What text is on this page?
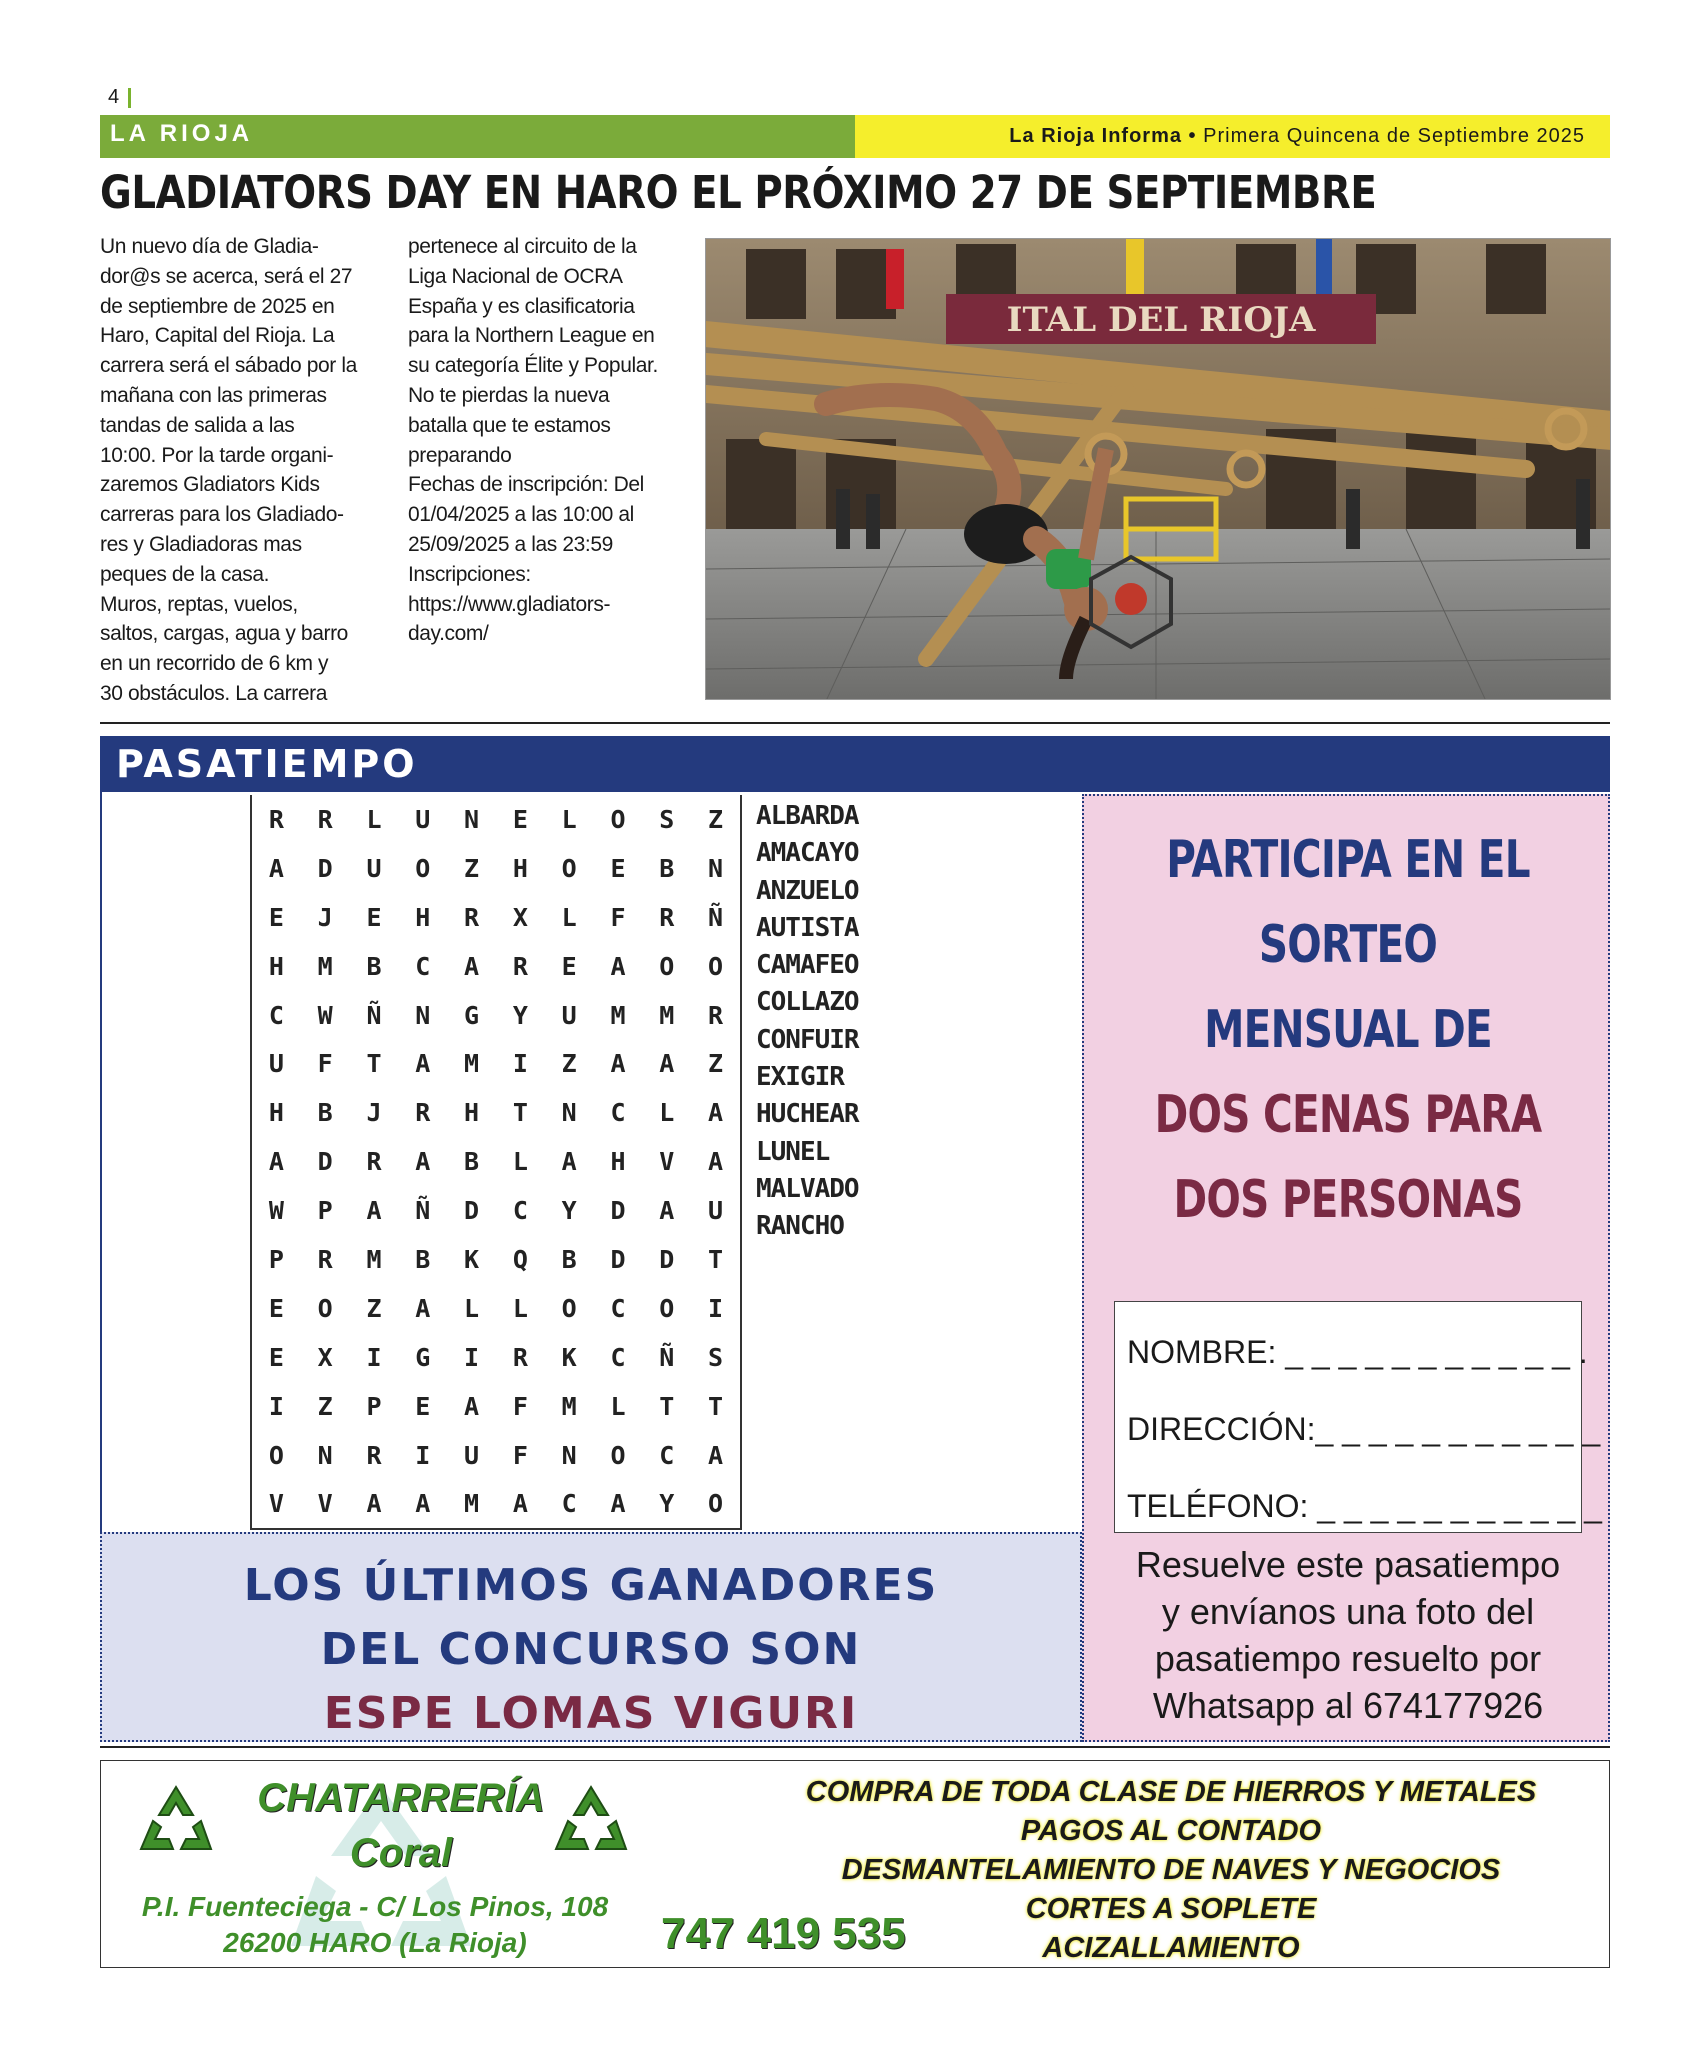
4
LA RIOJA	La Rioja Informa • Primera Quincena de Septiembre 2025
GLADIATORS DAY EN HARO EL PRÓXIMO 27 DE SEPTIEMBRE
Un nuevo día de Gladia-
dor@s se acerca, será el 27
de septiembre de 2025 en
Haro, Capital del Rioja. La
carrera será el sábado por la
mañana con las primeras
tandas de salida a las
10:00. Por la tarde organi-
zaremos Gladiators Kids
carreras para los Gladiado-
res y Gladiadoras mas
peques de la casa.
Muros, reptas, vuelos,
saltos, cargas, agua y barro
en un recorrido de 6 km y
30 obstáculos. La carrera
pertenece al circuito de la
Liga Nacional de OCRA
España y es clasificatoria
para la Northern League en
su categoría Élite y Popular.
No te pierdas la nueva
batalla que te estamos
preparando
Fechas de inscripción: Del
01/04/2025 a las 10:00 al
25/09/2025 a las 23:59
Inscripciones:
https://www.gladiators-
day.com/
ITAL DEL RIOJA
PASATIEMPO
R	R	L	U	N	E	L	O	S	Z
A	D	U	O	Z	H	O	E	B	N
E	J	E	H	R	X	L	F	R	Ñ
H	M	B	C	A	R	E	A	O	O
C	W	Ñ	N	G	Y	U	M	M	R
U	F	T	A	M	I	Z	A	A	Z
H	B	J	R	H	T	N	C	L	A
A	D	R	A	B	L	A	H	V	A
W	P	A	Ñ	D	C	Y	D	A	U
P	R	M	B	K	Q	B	D	D	T
E	O	Z	A	L	L	O	C	O	I
E	X	I	G	I	R	K	C	Ñ	S
I	Z	P	E	A	F	M	L	T	T
O	N	R	I	U	F	N	O	C	A
V	V	A	A	M	A	C	A	Y	O
ALBARDA
AMACAYO
ANZUELO
AUTISTA
CAMAFEO
COLLAZO
CONFUIR
EXIGIR
HUCHEAR
LUNEL
MALVADO
RANCHO
PARTICIPA EN EL SORTEO
MENSUAL DE
DOS CENAS PARA
DOS PERSONAS
NOMBRE: _ _ _ _ _ _ _ _ _ _ _ .
DIRECCIÓN:_ _ _ _ _ _ _ _ _ _ _
TELÉFONO: _ _ _ _ _ _ _ _ _ _ _
Resuelve este pasatiempo
y envíanos una foto del
pasatiempo resuelto por
Whatsapp al 674177926
LOS ÚLTIMOS GANADORES
DEL CONCURSO SON
ESPE LOMAS VIGURI
CHATARRERÍA
Coral
P.I. Fuenteciega - C/ Los Pinos, 108
26200 HARO (La Rioja)	747 419 535
COMPRA DE TODA CLASE DE HIERROS Y METALES
PAGOS AL CONTADO
DESMANTELAMIENTO DE NAVES Y NEGOCIOS
CORTES A SOPLETE
ACIZALLAMIENTO
